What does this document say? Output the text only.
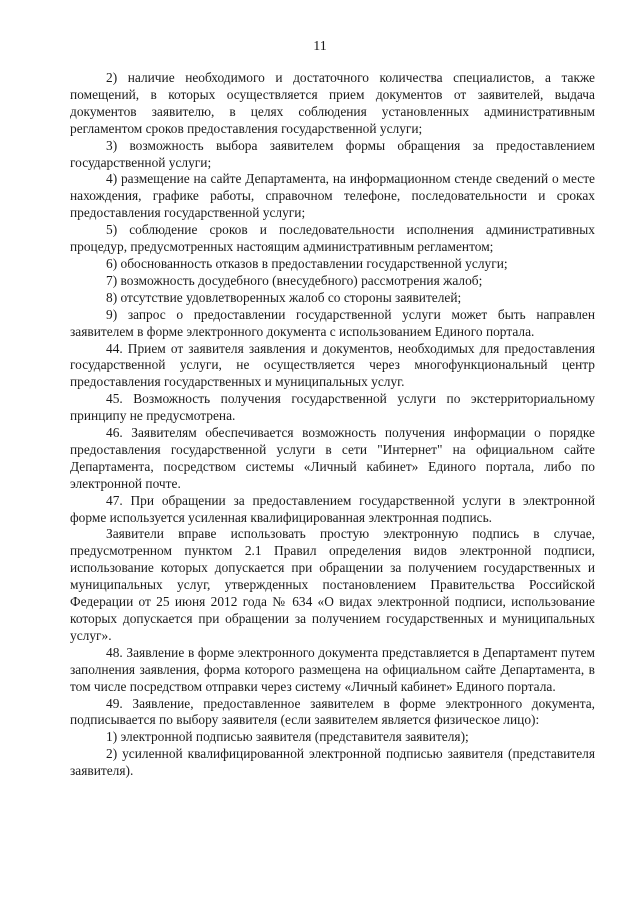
11

2) наличие необходимого и достаточного количества специалистов, а также помещений, в которых осуществляется прием документов от заявителей, выдача документов заявителю, в целях соблюдения установленных административным регламентом сроков предоставления государственной услуги;

3) возможность выбора заявителем формы обращения за предоставлением государственной услуги;

4) размещение на сайте Департамента, на информационном стенде сведений о месте нахождения, графике работы, справочном телефоне, последовательности и сроках предоставления государственной услуги;

5) соблюдение сроков и последовательности исполнения административных процедур, предусмотренных настоящим административным регламентом;

6) обоснованность отказов в предоставлении государственной услуги;

7) возможность досудебного (внесудебного) рассмотрения жалоб;

8) отсутствие удовлетворенных жалоб со стороны заявителей;

9) запрос о предоставлении государственной услуги может быть направлен заявителем в форме электронного документа с использованием Единого портала.

44. Прием от заявителя заявления и документов, необходимых для предоставления государственной услуги, не осуществляется через многофункциональный центр предоставления государственных и муниципальных услуг.

45. Возможность получения государственной услуги по экстерриториальному принципу не предусмотрена.

46. Заявителям обеспечивается возможность получения информации о порядке предоставления государственной услуги в сети "Интернет" на официальном сайте Департамента, посредством системы «Личный кабинет» Единого портала, либо по электронной почте.

47. При обращении за предоставлением государственной услуги в электронной форме используется усиленная квалифицированная электронная подпись.

Заявители вправе использовать простую электронную подпись в случае, предусмотренном пунктом 2.1 Правил определения видов электронной подписи, использование которых допускается при обращении за получением государственных и муниципальных услуг, утвержденных постановлением Правительства Российской Федерации от 25 июня 2012 года № 634 «О видах электронной подписи, использование которых допускается при обращении за получением государственных и муниципальных услуг».

48. Заявление в форме электронного документа представляется в Департамент путем заполнения заявления, форма которого размещена на официальном сайте Департамента, в том числе посредством отправки через систему «Личный кабинет» Единого портала.

49. Заявление, предоставленное заявителем в форме электронного документа, подписывается по выбору заявителя (если заявителем является физическое лицо):

1) электронной подписью заявителя (представителя заявителя);

2) усиленной квалифицированной электронной подписью заявителя (представителя заявителя).
